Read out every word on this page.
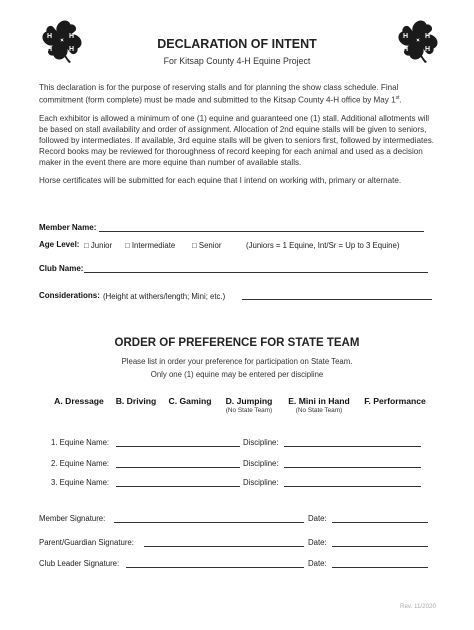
H H
H H
H H
H H
DECLARATION OF INTENT
For Kitsap County 4-H Equine Project

This declaration is for the purpose of reserving stalls and for planning the show class schedule. Final commitment (form complete) must be made and submitted to the Kitsap County 4-H office by May 1st.

Each exhibitor is allowed a minimum of one (1) equine and guaranteed one (1) stall. Additional allotments will be based on stall availability and order of assignment. Allocation of 2nd equine stalls will be given to seniors, followed by intermediates. If available, 3rd equine stalls will be given to seniors first, followed by intermediates. Record books may be reviewed for thoroughness of record keeping for each animal and used as a decision maker in the event there are more equine than number of available stalls.

Horse certificates will be submitted for each equine that I intend on working with, primary or alternate.

Member Name:
Age Level: □ Junior □ Intermediate □ Senior	(Juniors = 1 Equine, Int/Sr = Up to 3 Equine)
Club Name:
Considerations: (Height at withers/length; Mini; etc.)
ORDER OF PREFERENCE FOR STATE TEAM
Please list in order your preference for participation on State Team.
Only one (1) equine may be entered per discipline
A. Dressage	B. Driving	C. Gaming	D. Jumping
(No State Team)
E. Mini in Hand
(No State Team)
F. Performance
1. Equine Name:	Discipline:
2. Equine Name:	Discipline:
3. Equine Name:	Discipline:
Member Signature:	Date:
Parent/Guardian Signature:	Date:
Club Leader Signature:	Date:
Rev. 11/2020
